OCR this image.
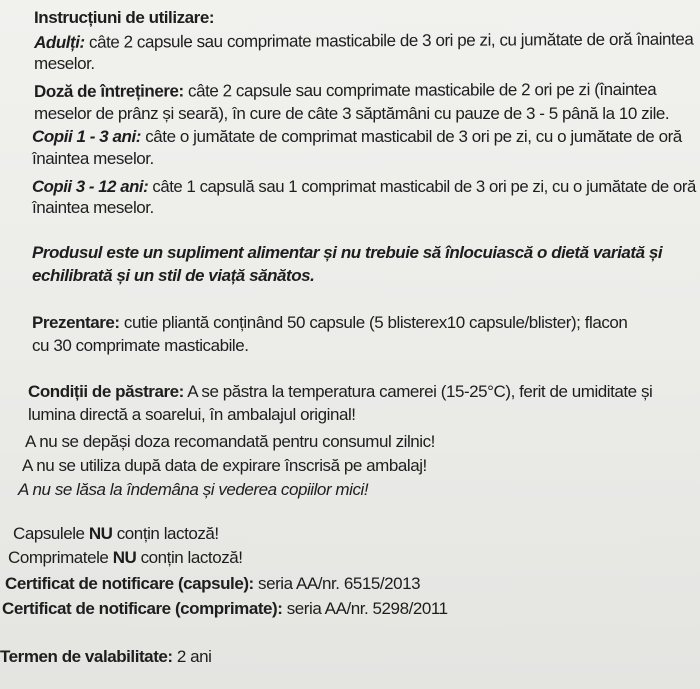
Instrucțiuni de utilizare:
Adulți: câte 2 capsule sau comprimate masticabile de 3 ori pe zi, cu jumătate de oră înaintea
meselor.
Doză de întreținere: câte 2 capsule sau comprimate masticabile de 2 ori pe zi (înaintea
meselor de prânz și seară), în cure de câte 3 săptămâni cu pauze de 3 - 5 până la 10 zile.
Copii 1 - 3 ani: câte o jumătate de comprimat masticabil de 3 ori pe zi, cu o jumătate de oră
înaintea meselor.
Copii 3 - 12 ani: câte 1 capsulă sau 1 comprimat masticabil de 3 ori pe zi, cu o jumătate de oră
înaintea meselor.
Produsul este un supliment alimentar și nu trebuie să înlocuiască o dietă variată și
echilibrată și un stil de viață sănătos.
Prezentare: cutie pliantă conținând 50 capsule (5 blisterex10 capsule/blister); flacon
cu 30 comprimate masticabile.
Condiții de păstrare: A se păstra la temperatura camerei (15-25°C), ferit de umiditate și
lumina directă a soarelui, în ambalajul original!
A nu se depăși doza recomandată pentru consumul zilnic!
A nu se utiliza după data de expirare înscrisă pe ambalaj!
A nu se lăsa la îndemâna și vederea copiilor mici!
Capsulele NU conțin lactoză!
Comprimatele NU conțin lactoză!
Certificat de notificare (capsule): seria AA/nr. 6515/2013
Certificat de notificare (comprimate): seria AA/nr. 5298/2011
Termen de valabilitate: 2 ani
